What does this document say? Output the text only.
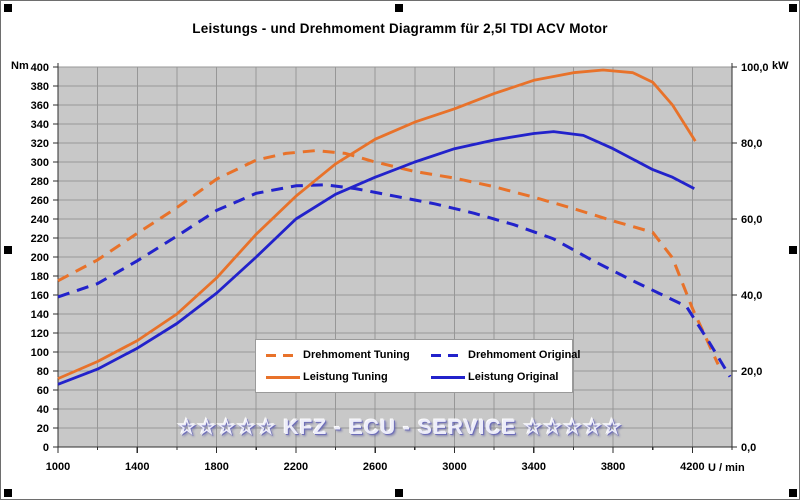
Leistungs - und Drehmoment Diagramm für 2,5l TDI ACV Motor
0
20
40
60
80
100
120
140
160
180
200
220
240
260
280
300
320
340
360
380
400
0,0
20,0
40,0
60,0
80,0
100,0
1000	1400	1800	2200	2600	3000	3400	3800	4200
Nm	kW
U / min
Drehmoment Tuning	Drehmoment Original
Leistung Tuning	Leistung Original
☆☆☆☆☆ KFZ - ECU - SERVICE ☆☆☆☆☆
